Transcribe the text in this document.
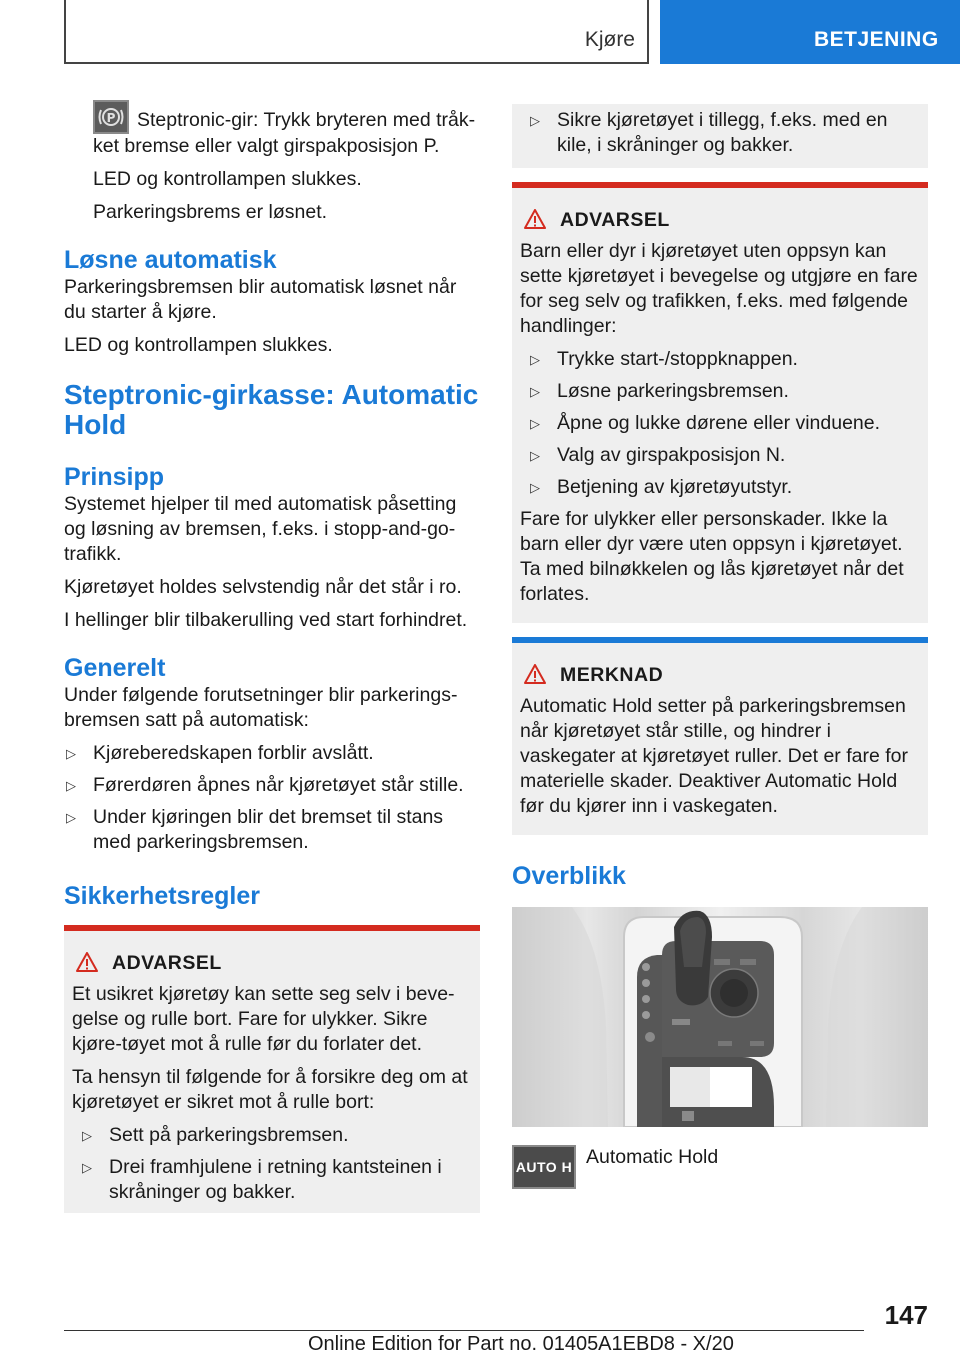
Kjøre	BETJENING

P Steptronic-gir: Trykk bryteren med tråk-ket bremse eller valgt girspakposisjon P.

LED og kontrollampen slukkes.

Parkeringsbrems er løsnet.

Løsne automatisk

Parkeringsbremsen blir automatisk løsnet når du starter å kjøre.

LED og kontrollampen slukkes.

Steptronic-girkasse: Automatic Hold
Prinsipp

Systemet hjelper til med automatisk påsetting og løsning av bremsen, f.eks. i stopp-and-go-trafikk.

Kjøretøyet holdes selvstendig når det står i ro.

I hellinger blir tilbakerulling ved start forhindret.

Generelt

Under følgende forutsetninger blir parkerings-bremsen satt på automatisk:

▷ Kjøreberedskapen forblir avslått.
▷ Førerdøren åpnes når kjøretøyet står stille.
▷ Under kjøringen blir det bremset til stans med parkeringsbremsen.
Sikkerhetsregler
ADVARSEL

Et usikret kjøretøy kan sette seg selv i beve-gelse og rulle bort. Fare for ulykker. Sikre kjøre-tøyet mot å rulle før du forlater det.

Ta hensyn til følgende for å forsikre deg om at kjøretøyet er sikret mot å rulle bort:

▷ Sett på parkeringsbremsen.
▷ Drei framhjulene i retning kantsteinen i skråninger og bakker.
▷ Sikre kjøretøyet i tillegg, f.eks. med en kile, i skråninger og bakker.
ADVARSEL

Barn eller dyr i kjøretøyet uten oppsyn kan sette kjøretøyet i bevegelse og utgjøre en fare for seg selv og trafikken, f.eks. med følgende handlinger:

▷ Trykke start-/stoppknappen.
▷ Løsne parkeringsbremsen.
▷ Åpne og lukke dørene eller vinduene.
▷ Valg av girspakposisjon N.
▷ Betjening av kjøretøyutstyr.

Fare for ulykker eller personskader. Ikke la barn eller dyr være uten oppsyn i kjøretøyet. Ta med bilnøkkelen og lås kjøretøyet når det forlates.

MERKNAD

Automatic Hold setter på parkeringsbremsen når kjøretøyet står stille, og hindrer i vaskegater at kjøretøyet ruller. Det er fare for materielle skader. Deaktiver Automatic Hold før du kjører inn i vaskegaten.

Overblikk
AUTO H Automatic Hold
147
Online Edition for Part no. 01405A1EBD8 - X/20
